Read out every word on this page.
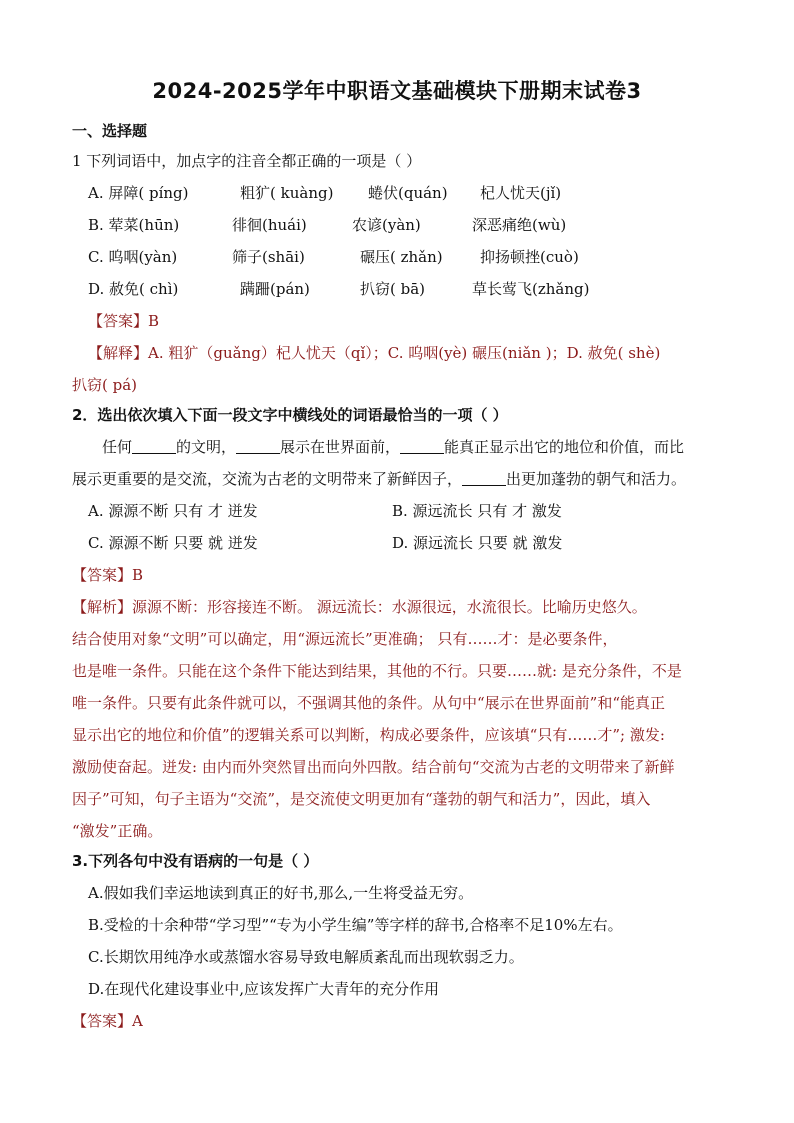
2024-2025学年中职语文基础模块下册期末试卷3
一、选择题
1 下列词语中，加点字的注音全都正确的一项是（ ）
A. 屏障( píng)	粗犷( kuàng) 蜷伏(quán) 杞人忧天(jǐ)
B. 荤菜(hūn)	徘徊(huái)	农谚(yàn)	深恶痛绝(wù)
C. 呜咽(yàn)	筛子(shāi)	碾压( zhǎn) 抑扬顿挫(cuò)
D. 赦免( chì)	蹒跚(pán)	扒窃( bā)	草长莺飞(zhǎng)
【答案】B
【解释】A. 粗犷（guǎng）杞人忧天（qǐ）；C. 呜咽(yè) 碾压(niǎn )；D. 赦免( shè)
扒窃( pá)
2．选出依次填入下面一段文字中横线处的词语最恰当的一项（ ）
任何	的文明，	展示在世界面前，	能真正显示出它的地位和价值，而比
展示更重要的是交流，交流为古老的文明带来了新鲜因子，	出更加蓬勃的朝气和活力。
A. 源源不断 只有 才 迸发	B. 源远流长 只有 才 激发
C. 源源不断 只要 就 迸发	D. 源远流长 只要 就 激发
【答案】B
【解析】源源不断：形容接连不断。 源远流长：水源很远，水流很长。比喻历史悠久。
结合使用对象“文明”可以确定，用“源远流长”更准确； 只有……才：是必要条件，
也是唯一条件。只能在这个条件下能达到结果，其他的不行。只要……就: 是充分条件，不是
唯一条件。只要有此条件就可以，不强调其他的条件。从句中“展示在世界面前”和“能真正
显示出它的地位和价值”的逻辑关系可以判断，构成必要条件，应该填“只有……才”; 激发:
激励使奋起。迸发: 由内而外突然冒出而向外四散。结合前句“交流为古老的文明带来了新鲜
因子”可知，句子主语为“交流”，是交流使文明更加有“蓬勃的朝气和活力”，因此，填入
“激发”正确。
3.下列各句中没有语病的一句是（ ）
A.假如我们幸运地读到真正的好书,那么,一生将受益无穷。
B.受检的十余种带“学习型”“专为小学生编”等字样的辞书,合格率不足10%左右。
C.长期饮用纯净水或蒸馏水容易导致电解质紊乱而出现软弱乏力。
D.在现代化建设事业中,应该发挥广大青年的充分作用
【答案】A
